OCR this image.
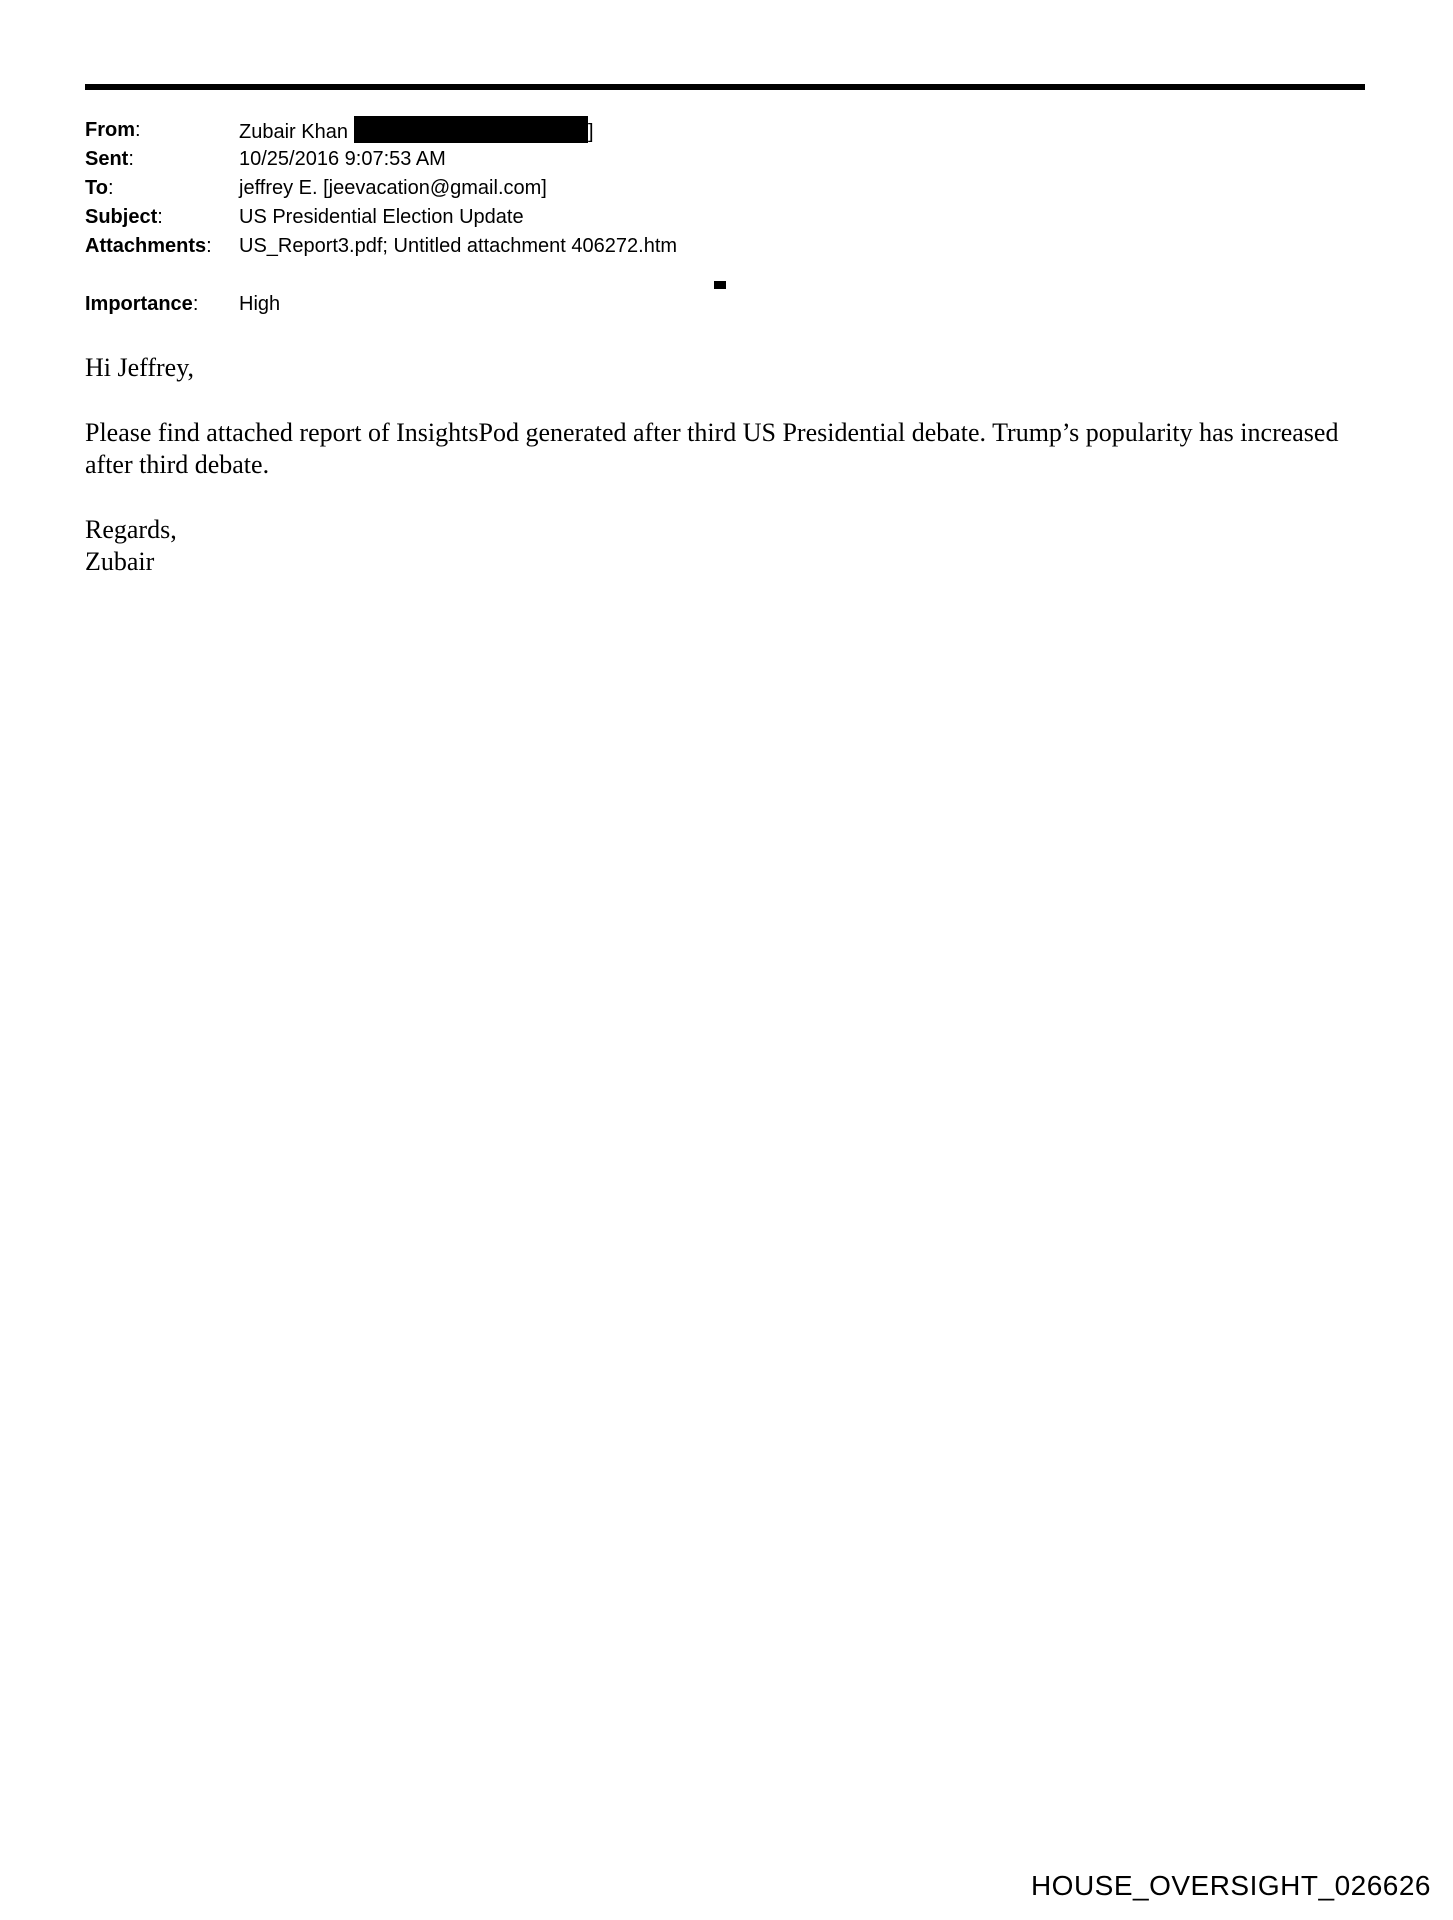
From:	Zubair Khan	]
Sent:	10/25/2016 9:07:53 AM
To:	jeffrey E. [jeevacation@gmail.com]
Subject:	US Presidential Election Update
Attachments: US_Report3.pdf; Untitled attachment 406272.htm
Importance: High

Hi Jeffrey,

Please find attached report of InsightsPod generated after third US Presidential debate. Trump’s popularity has increased after third debate.

Regards,

Zubair

HOUSE_OVERSIGHT_026626
